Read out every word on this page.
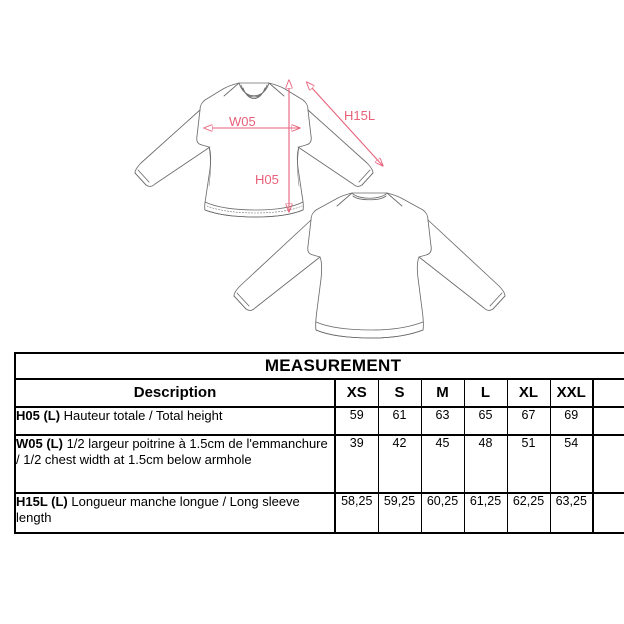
W05
H05
H15L
MEASUREMENT							
Description	XS	S	M	L	XL	XXL	
H05 (L) Hauteur totale / Total height	59	61	63	65	67	69	
W05 (L) 1/2 largeur poitrine à 1.5cm de l'emmanchure / 1/2 chest width at 1.5cm below armhole	39	42	45	48	51	54	
H15L (L) Longueur manche longue / Long sleeve length	58,25	59,25	60,25	61,25	62,25	63,25	
